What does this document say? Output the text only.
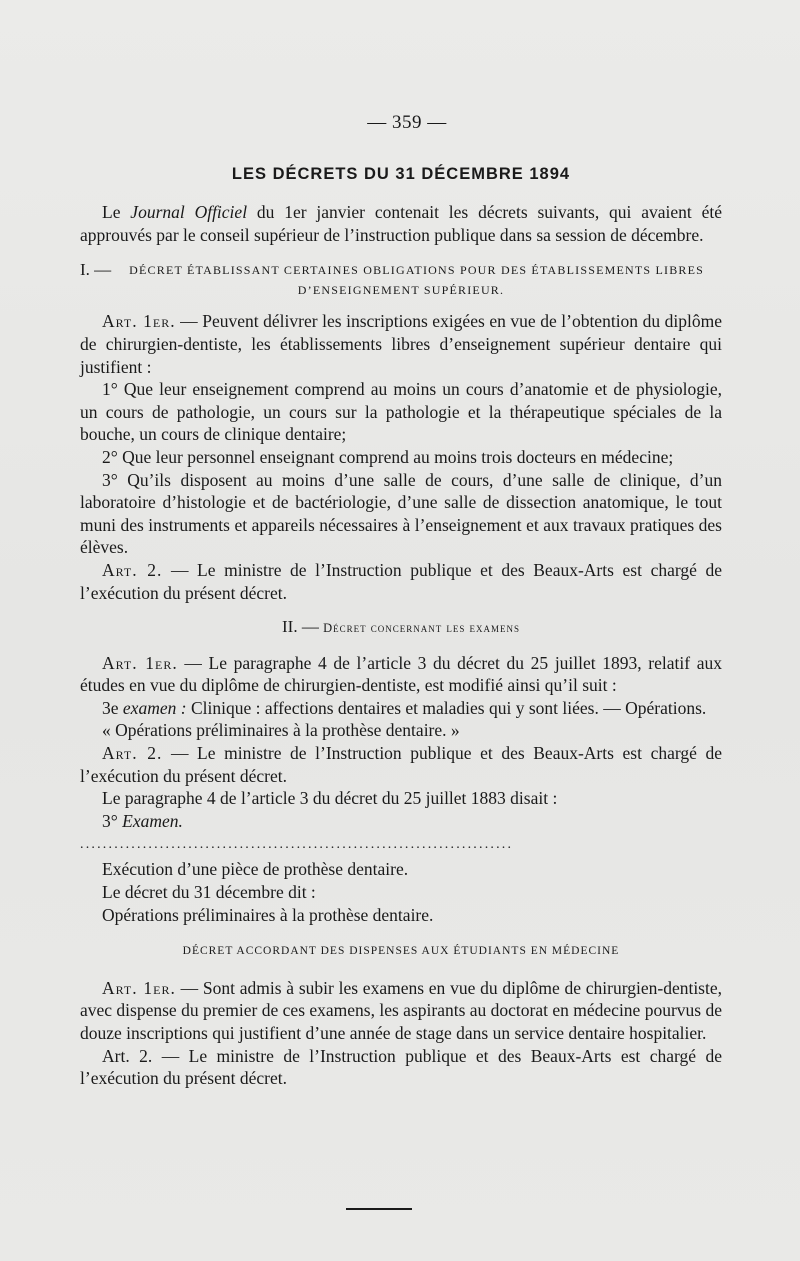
— 359 —
LES DÉCRETS DU 31 DÉCEMBRE 1894

Le Journal Officiel du 1er janvier contenait les décrets suivants, qui avaient été approuvés par le conseil supérieur de l’instruction publique dans sa session de décembre.

I. — DÉCRET ÉTABLISSANT CERTAINES OBLIGATIONS POUR DES ÉTABLISSEMENTS LIBRES D’ENSEIGNEMENT SUPÉRIEUR.

Art. 1er. — Peuvent délivrer les inscriptions exigées en vue de l’obtention du diplôme de chirurgien-dentiste, les établissements libres d’enseignement supérieur dentaire qui justifient :

1° Que leur enseignement comprend au moins un cours d’anatomie et de physiologie, un cours de pathologie, un cours sur la pathologie et la thérapeutique spéciales de la bouche, un cours de clinique dentaire;

2° Que leur personnel enseignant comprend au moins trois docteurs en médecine;

3° Qu’ils disposent au moins d’une salle de cours, d’une salle de clinique, d’un laboratoire d’histologie et de bactériologie, d’une salle de dissection anatomique, le tout muni des instruments et appareils nécessaires à l’enseignement et aux travaux pratiques des élèves.

Art. 2. — Le ministre de l’Instruction publique et des Beaux-Arts est chargé de l’exécution du présent décret.

II. — Décret concernant les examens

Art. 1er. — Le paragraphe 4 de l’article 3 du décret du 25 juillet 1893, relatif aux études en vue du diplôme de chirurgien-dentiste, est modifié ainsi qu’il suit :

3e examen : Clinique : affections dentaires et maladies qui y sont liées. — Opérations.

« Opérations préliminaires à la prothèse dentaire. »

Art. 2. — Le ministre de l’Instruction publique et des Beaux-Arts est chargé de l’exécution du présent décret.

Le paragraphe 4 de l’article 3 du décret du 25 juillet 1883 disait :

3° Examen.

............................................................................

Exécution d’une pièce de prothèse dentaire.

Le décret du 31 décembre dit :

Opérations préliminaires à la prothèse dentaire.

DÉCRET ACCORDANT DES DISPENSES AUX ÉTUDIANTS EN MÉDECINE

Art. 1er. — Sont admis à subir les examens en vue du diplôme de chirurgien-dentiste, avec dispense du premier de ces examens, les aspirants au doctorat en médecine pourvus de douze inscriptions qui justifient d’une année de stage dans un service dentaire hospitalier.

Art. 2. — Le ministre de l’Instruction publique et des Beaux-Arts est chargé de l’exécution du présent décret.
